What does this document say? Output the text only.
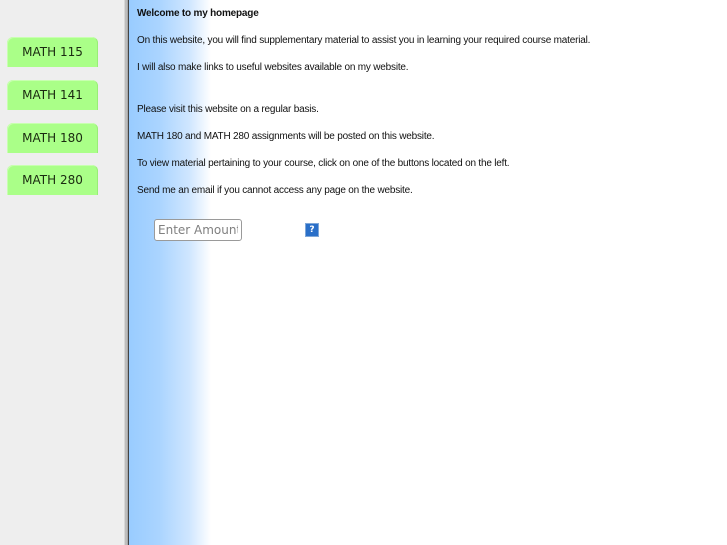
MATH 115
MATH 141
MATH 180
MATH 280
Welcome to my homepage
On this website, you will find supplementary material to assist you in learning your required course material.
I will also make links to useful websites available on my website.
Please visit this website on a regular basis.
MATH 180 and MATH 280 assignments will be posted on this website.
To view material pertaining to your course, click on one of the buttons located on the left.
Send me an email if you cannot access any page on the website.
Enter Amount
?
